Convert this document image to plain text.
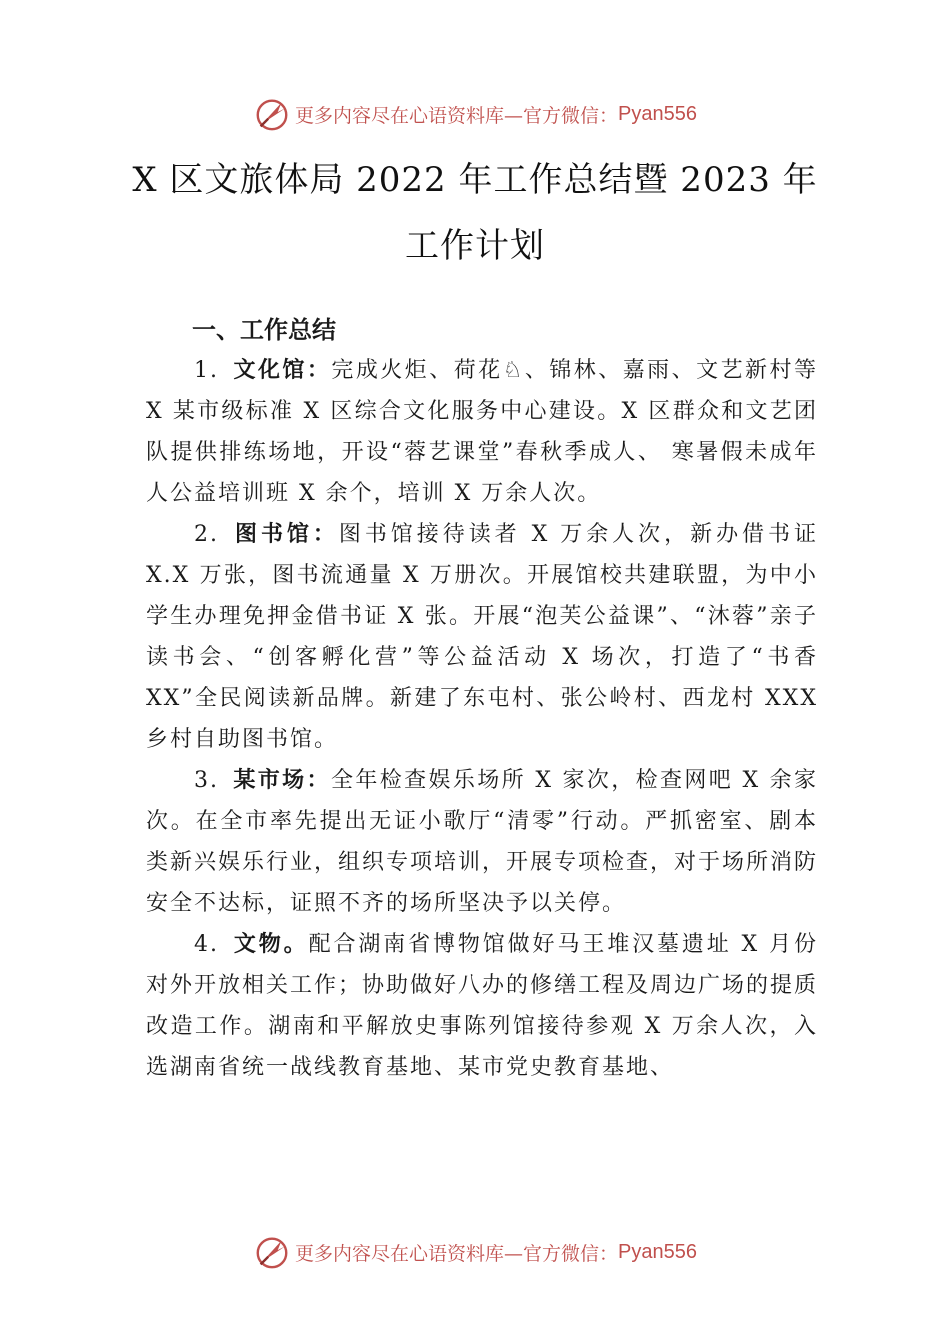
更多内容尽在心语资料库—官方微信： Pyan556
X 区文旅体局 2022 年工作总结暨 2023 年
工作计划
一、工作总结

1. 文化馆：完成火炬、荷花♘、锦林、嘉雨、文艺新村等 X 某市级标准 X 区综合文化服务中心建设。X 区群众和文艺团队提供排练场地，开设“蓉艺课堂”春秋季成人、 寒暑假未成年人公益培训班 X 余个，培训 X 万余人次。

2. 图书馆：图书馆接待读者 X 万余人次，新办借书证 X.X 万张，图书流通量 X 万册次。开展馆校共建联盟，为中小学生办理免押金借书证 X 张。开展“泡芙公益课”、“沐蓉”亲子读书会、“创客孵化营”等公益活动 X 场次，打造了“书香 XX”全民阅读新品牌。新建了东屯村、张公岭村、西龙村 XXX 乡村自助图书馆。

3. 某市场：全年检查娱乐场所 X 家次，检查网吧 X 余家次。在全市率先提出无证小歌厅“清零”行动。严抓密室、剧本类新兴娱乐行业，组织专项培训，开展专项检查，对于场所消防安全不达标，证照不齐的场所坚决予以关停。

4. 文物。配合湖南省博物馆做好马王堆汉墓遗址 X 月份对外开放相关工作；协助做好八办的修缮工程及周边广场的提质改造工作。湖南和平解放史事陈列馆接待参观 X 万余人次，入选湖南省统一战线教育基地、某市党史教育基地、

更多内容尽在心语资料库—官方微信： Pyan556
